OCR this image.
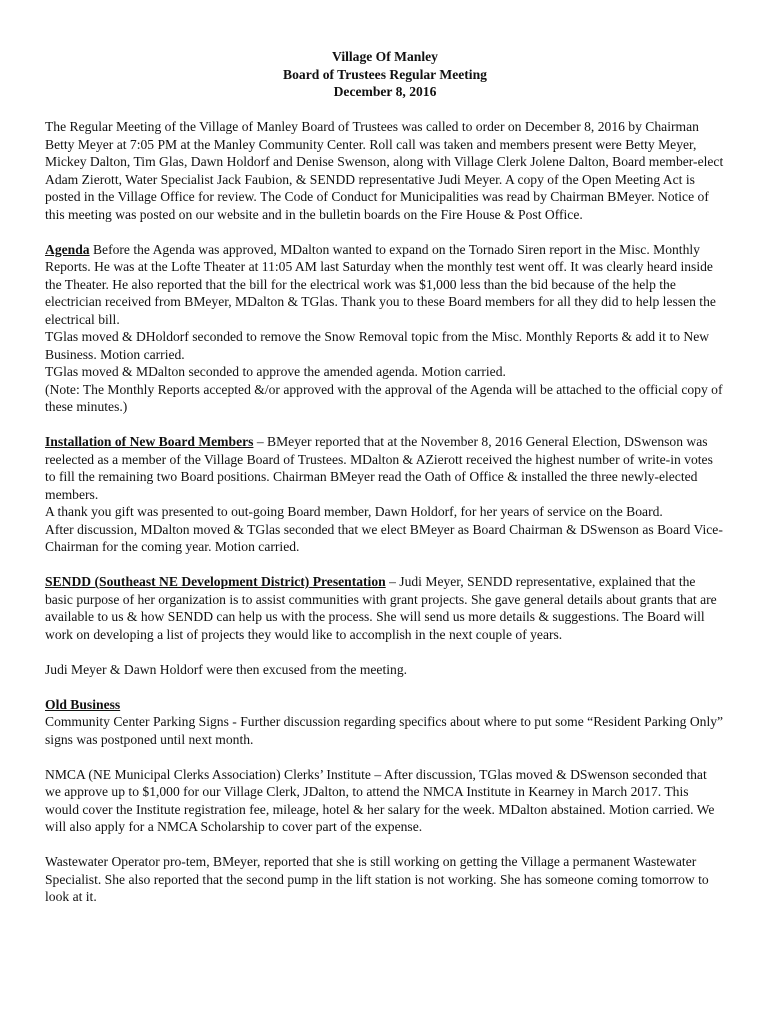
Village Of Manley

Board of Trustees Regular Meeting

December 8, 2016

The Regular Meeting of the Village of Manley Board of Trustees was called to order on December 8, 2016 by Chairman Betty Meyer at 7:05 PM at the Manley Community Center. Roll call was taken and members present were Betty Meyer, Mickey Dalton, Tim Glas, Dawn Holdorf and Denise Swenson, along with Village Clerk Jolene Dalton, Board member-elect Adam Zierott, Water Specialist Jack Faubion, & SENDD representative Judi Meyer. A copy of the Open Meeting Act is posted in the Village Office for review. The Code of Conduct for Municipalities was read by Chairman BMeyer. Notice of this meeting was posted on our website and in the bulletin boards on the Fire House & Post Office.

Agenda Before the Agenda was approved, MDalton wanted to expand on the Tornado Siren report in the Misc. Monthly Reports. He was at the Lofte Theater at 11:05 AM last Saturday when the monthly test went off. It was clearly heard inside the Theater. He also reported that the bill for the electrical work was $1,000 less than the bid because of the help the electrician received from BMeyer, MDalton & TGlas. Thank you to these Board members for all they did to help lessen the electrical bill.

TGlas moved & DHoldorf seconded to remove the Snow Removal topic from the Misc. Monthly Reports & add it to New Business. Motion carried.

TGlas moved & MDalton seconded to approve the amended agenda. Motion carried.

(Note: The Monthly Reports accepted &/or approved with the approval of the Agenda will be attached to the official copy of these minutes.)

Installation of New Board Members – BMeyer reported that at the November 8, 2016 General Election, DSwenson was reelected as a member of the Village Board of Trustees. MDalton & AZierott received the highest number of write-in votes to fill the remaining two Board positions. Chairman BMeyer read the Oath of Office & installed the three newly-elected members.

A thank you gift was presented to out-going Board member, Dawn Holdorf, for her years of service on the Board.

After discussion, MDalton moved & TGlas seconded that we elect BMeyer as Board Chairman & DSwenson as Board Vice-Chairman for the coming year. Motion carried.

SENDD (Southeast NE Development District) Presentation – Judi Meyer, SENDD representative, explained that the basic purpose of her organization is to assist communities with grant projects. She gave general details about grants that are available to us & how SENDD can help us with the process. She will send us more details & suggestions. The Board will work on developing a list of projects they would like to accomplish in the next couple of years.

Judi Meyer & Dawn Holdorf were then excused from the meeting.

Old Business

Community Center Parking Signs - Further discussion regarding specifics about where to put some “Resident Parking Only” signs was postponed until next month.

NMCA (NE Municipal Clerks Association) Clerks’ Institute – After discussion, TGlas moved & DSwenson seconded that we approve up to $1,000 for our Village Clerk, JDalton, to attend the NMCA Institute in Kearney in March 2017. This would cover the Institute registration fee, mileage, hotel & her salary for the week. MDalton abstained. Motion carried. We will also apply for a NMCA Scholarship to cover part of the expense.

Wastewater Operator pro-tem, BMeyer, reported that she is still working on getting the Village a permanent Wastewater Specialist. She also reported that the second pump in the lift station is not working. She has someone coming tomorrow to look at it.
